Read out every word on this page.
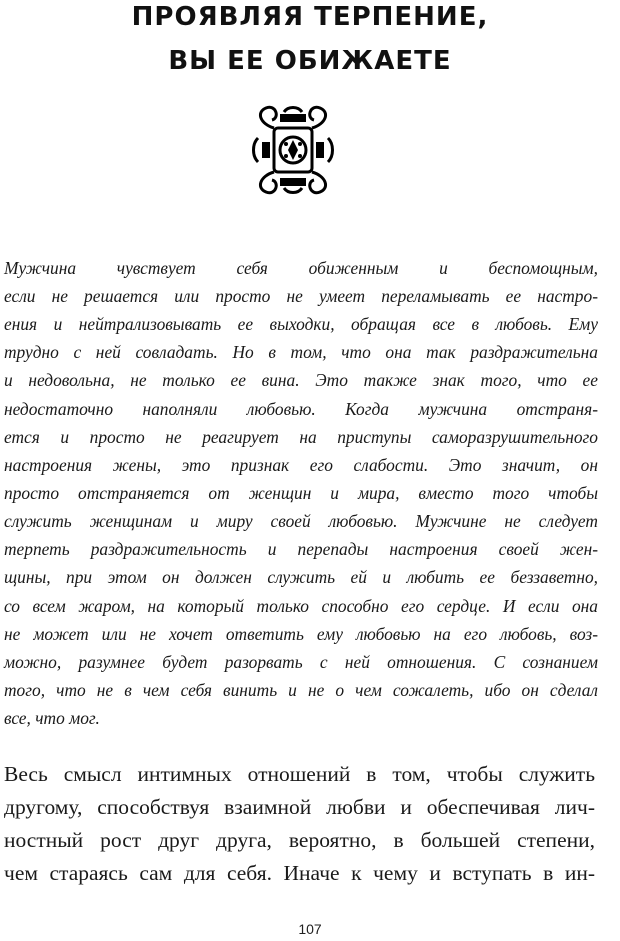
ПРОЯВЛЯЯ ТЕРПЕНИЕ,
ВЫ ЕЕ ОБИЖАЕТЕ
Мужчина чувствует себя обиженным и беспомощным,
если не решается или просто не умеет переламывать ее настро-
ения и нейтрализовывать ее выходки, обращая все в любовь. Ему
трудно с ней совладать. Но в том, что она так раздражительна
и недовольна, не только ее вина. Это также знак того, что ее
недостаточно наполняли любовью. Когда мужчина отстраня-
ется и просто не реагирует на приступы саморазрушительного
настроения жены, это признак его слабости. Это значит, он
просто отстраняется от женщин и мира, вместо того чтобы
служить женщинам и миру своей любовью. Мужчине не следует
терпеть раздражительность и перепады настроения своей жен-
щины, при этом он должен служить ей и любить ее беззаветно,
со всем жаром, на который только способно его сердце. И если она
не может или не хочет ответить ему любовью на его любовь, воз-
можно, разумнее будет разорвать с ней отношения. С сознанием
того, что не в чем себя винить и не о чем сожалеть, ибо он сделал
все, что мог.
Весь смысл интимных отношений в том, чтобы служить
другому, способствуя взаимной любви и обеспечивая лич-
ностный рост друг друга, вероятно, в большей степени,
чем стараясь сам для себя. Иначе к чему и вступать в ин-
107
